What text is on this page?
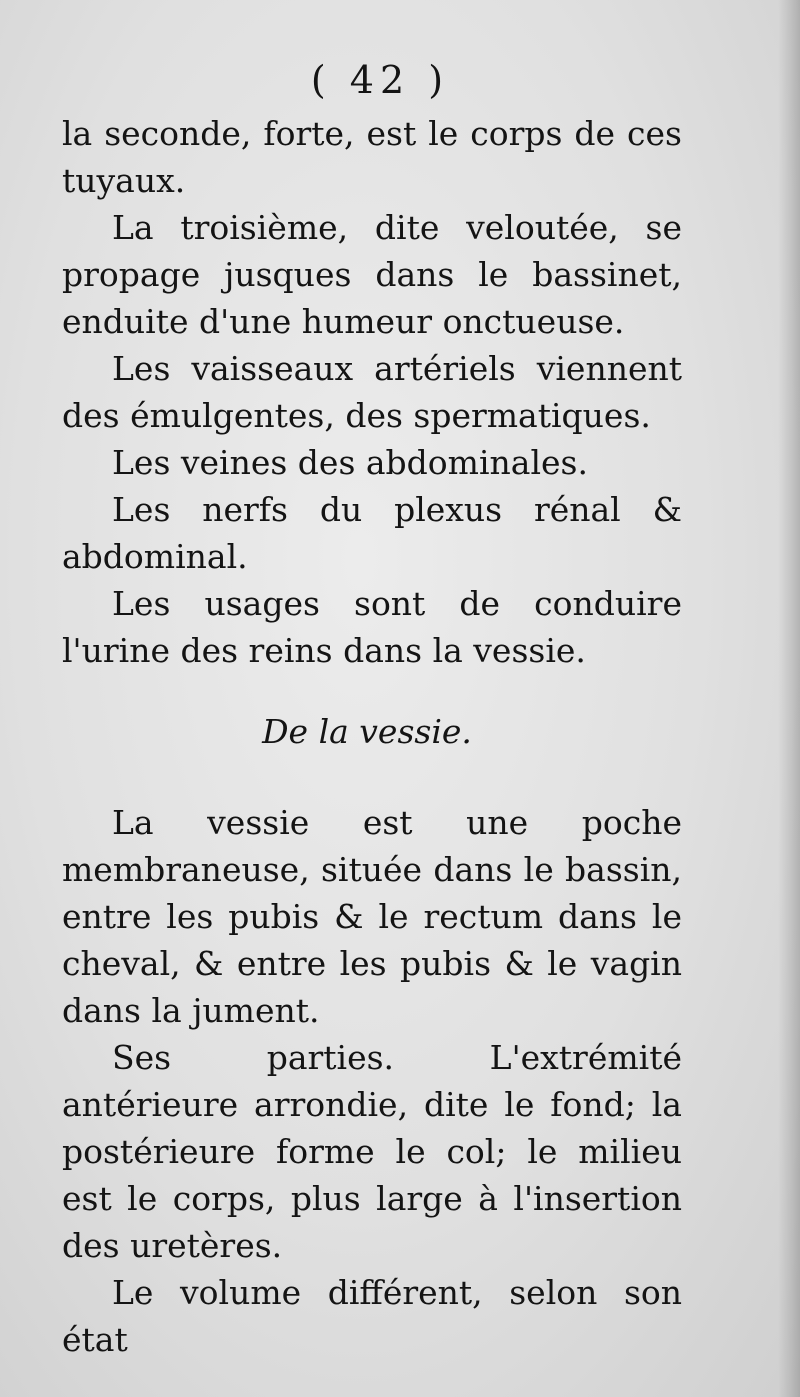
( 42 )

la seconde, forte, est le corps de ces tuyaux.

La troisième, dite veloutée, se propage jusques dans le bassinet, enduite d'une humeur onctueuse.

Les vaisseaux artériels viennent des émulgentes, des spermatiques.

Les veines des abdominales.

Les nerfs du plexus rénal & abdominal.

Les usages sont de conduire l'urine des reins dans la vessie.

De la vessie.

La vessie est une poche membraneuse, située dans le bassin, entre les pubis & le rectum dans le cheval, & entre les pubis & le vagin dans la jument.

Ses parties. L'extrémité antérieure arrondie, dite le fond; la postérieure forme le col; le milieu est le corps, plus large à l'insertion des uretères.

Le volume différent, selon son état
